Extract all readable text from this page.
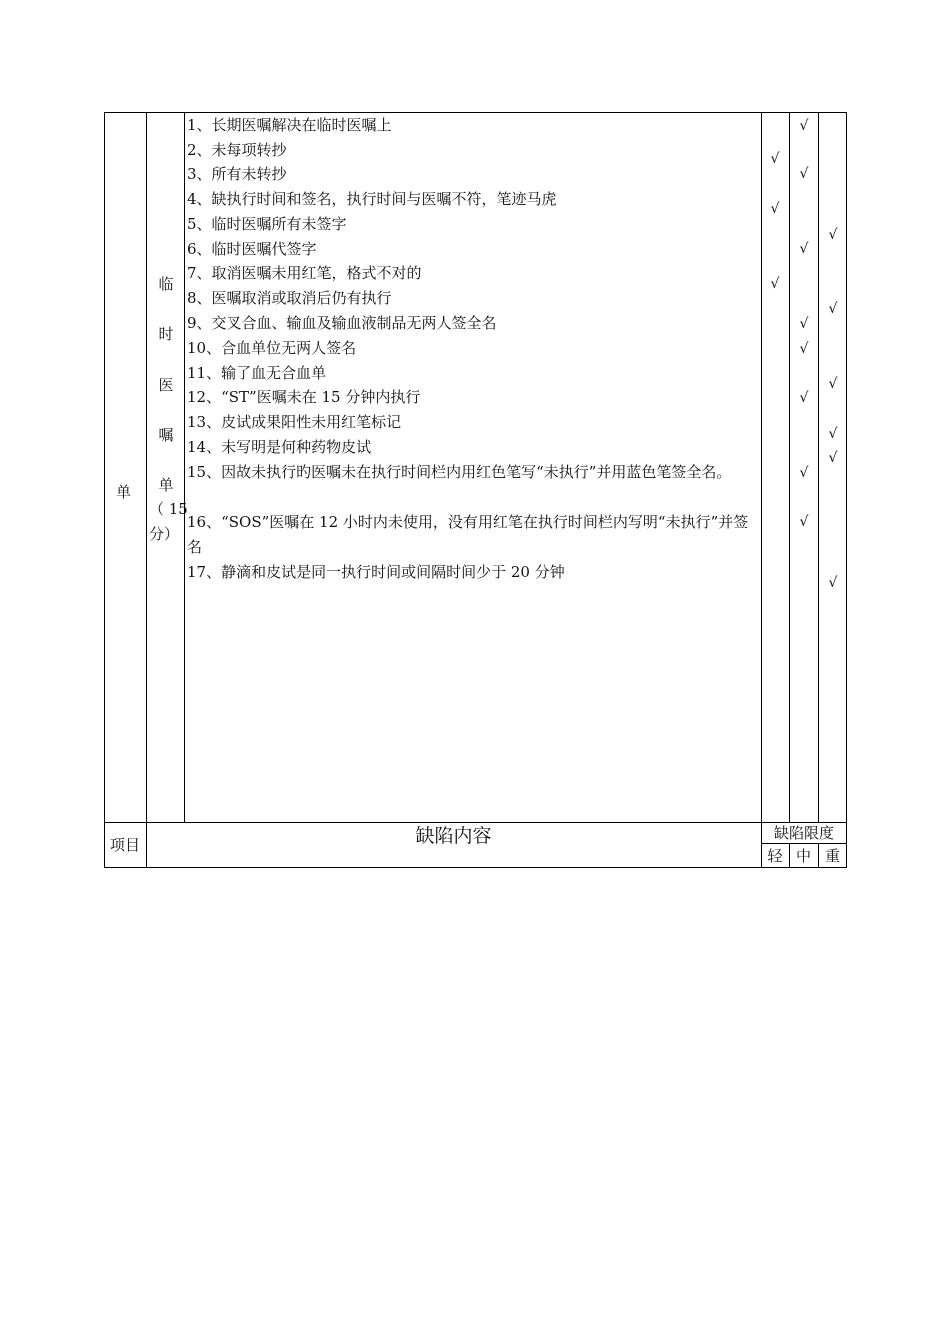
单
临
时
医
嘱
单
（ 15
分）
1、长期医嘱解决在临时医嘱上
2、未每项转抄
3、所有未转抄
4、缺执行时间和签名，执行时间与医嘱不符，笔迹马虎
5、临时医嘱所有未签字
6、临时医嘱代签字
7、取消医嘱未用红笔，格式不对的
8、医嘱取消或取消后仍有执行
9、交叉合血、输血及输血液制品无两人签全名
10、合血单位无两人签名
11、输了血无合血单
12、“ST”医嘱未在 15 分钟内执行
13、皮试成果阳性未用红笔标记
14、未写明是何种药物皮试
15、因故未执行旳医嘱未在执行时间栏内用红色笔写“未执行”并用蓝色笔签全名。
16、“SOS”医嘱在 12 小时内未使用，没有用红笔在执行时间栏内写明“未执行”并签名
17、静滴和皮试是同一执行时间或间隔时间少于 20 分钟
√
√
√
√
√
√
√
√
√
√
√
√
√
√
√
√
√
项目	缺陷内容	缺陷限度
轻 中 重
